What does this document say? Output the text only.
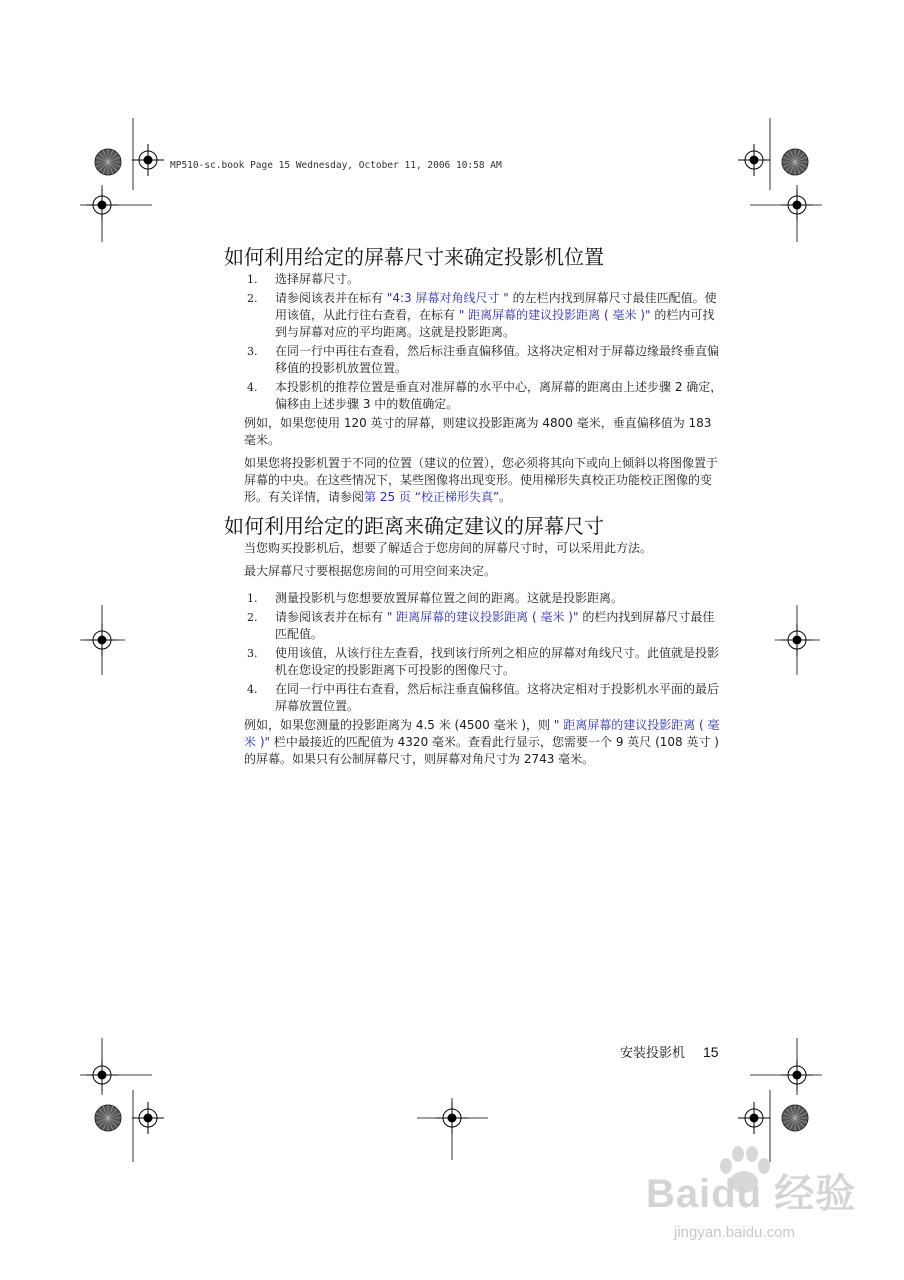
MP510-sc.book Page 15 Wednesday, October 11, 2006 10:58 AM
如何利用给定的屏幕尺寸来确定投影机位置
1. 选择屏幕尺寸。
2. 请参阅该表并在标有 "4:3 屏幕对角线尺寸 " 的左栏内找到屏幕尺寸最佳匹配值。使用该值，从此行往右查看，在标有 " 距离屏幕的建议投影距离 ( 毫米 )" 的栏内可找到与屏幕对应的平均距离。这就是投影距离。
3. 在同一行中再往右查看，然后标注垂直偏移值。这将决定相对于屏幕边缘最终垂直偏移值的投影机放置位置。
4. 本投影机的推荐位置是垂直对准屏幕的水平中心，离屏幕的距离由上述步骤 2 确定，偏移由上述步骤 3 中的数值确定。

例如，如果您使用 120 英寸的屏幕，则建议投影距离为 4800 毫米，垂直偏移值为 183 毫米。

如果您将投影机置于不同的位置（建议的位置），您必须将其向下或向上倾斜以将图像置于屏幕的中央。在这些情况下，某些图像将出现变形。使用梯形失真校正功能校正图像的变形。有关详情，请参阅第 25 页 “校正梯形失真”。

如何利用给定的距离来确定建议的屏幕尺寸

当您购买投影机后，想要了解适合于您房间的屏幕尺寸时，可以采用此方法。

最大屏幕尺寸要根据您房间的可用空间来决定。

1. 测量投影机与您想要放置屏幕位置之间的距离。这就是投影距离。
2. 请参阅该表并在标有 " 距离屏幕的建议投影距离 ( 毫米 )" 的栏内找到屏幕尺寸最佳匹配值。
3. 使用该值，从该行往左查看，找到该行所列之相应的屏幕对角线尺寸。此值就是投影机在您设定的投影距离下可投影的图像尺寸。
4. 在同一行中再往右查看，然后标注垂直偏移值。这将决定相对于投影机水平面的最后屏幕放置位置。

例如，如果您测量的投影距离为 4.5 米 (4500 毫米 )，则 " 距离屏幕的建议投影距离 ( 毫米 )" 栏中最接近的匹配值为 4320 毫米。查看此行显示，您需要一个 9 英尺 (108 英寸 ) 的屏幕。如果只有公制屏幕尺寸，则屏幕对角尺寸为 2743 毫米。

安装投影机 15
Baidu 经验
jingyan.baidu.com
